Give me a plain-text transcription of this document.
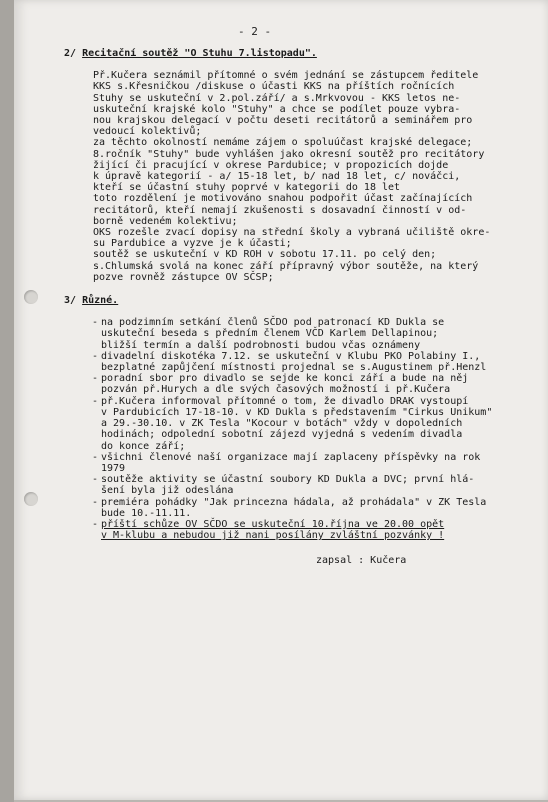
- 2 -
2/ Recitační soutěž "O Stuhu 7.listopadu".
Př.Kučera seznámil přítomné o svém jednání se zástupcem ředitele
KKS s.Křesničkou /diskuse o účasti KKS na příštích ročnících
Stuhy se uskuteční v 2.pol.září/ a s.Mrkvovou - KKS letos ne-
uskuteční krajské kolo "Stuhy" a chce se podílet pouze vybra-
nou krajskou delegací v počtu deseti recitátorů a seminářem pro
vedoucí kolektivů;
za těchto okolností nemáme zájem o spoluúčast krajské delegace;
8.ročník "Stuhy" bude vyhlášen jako okresní soutěž pro recitátory
žijící či pracující v okrese Pardubice; v propozicích dojde
k úpravě kategorií - a/ 15-18 let, b/ nad 18 let, c/ nováčci,
kteří se účastní stuhy poprvé v kategorii do 18 let
toto rozdělení je motivováno snahou podpořit účast začínajících
recitátorů, kteří nemají zkušenosti s dosavadní činností v od-
borně vedeném kolektivu;
OKS rozešle zvací dopisy na střední školy a vybraná učiliště okre-
su Pardubice a vyzve je k účasti;
soutěž se uskuteční v KD ROH v sobotu 17.11. po celý den;
s.Chlumská svolá na konec září přípravný výbor soutěže, na který
pozve rovněž zástupce OV SČSP;
3/ Různé.
- na podzimním setkání členů SČDO pod patronací KD Dukla se
uskuteční beseda s předním členem VČD Karlem Dellapinou;
bližší termín a další podrobnosti budou včas oznámeny
- divadelní diskotéka 7.12. se uskuteční v Klubu PKO Polabiny I.,
bezplatné zapůjčení místnosti projednal se s.Augustinem př.Henzl
- poradní sbor pro divadlo se sejde ke konci září a bude na něj
pozván př.Hurych a dle svých časových možností i př.Kučera
- př.Kučera informoval přítomné o tom, že divadlo DRAK vystoupí
v Pardubicích 17-18-10. v KD Dukla s představením "Cirkus Unikum"
a 29.-30.10. v ZK Tesla "Kocour v botách" vždy v dopoledních
hodinách; odpolední sobotní zájezd vyjedná s vedením divadla
do konce září;
- všichni členové naší organizace mají zaplaceny příspěvky na rok
1979
- soutěže aktivity se účastní soubory KD Dukla a DVC; první hlá-
šení byla již odeslána
- premiéra pohádky "Jak princezna hádala, až prohádala" v ZK Tesla
bude 10.-11.11.
- příští schůze OV SČDO se uskuteční 10.října ve 20.00 opět
v M-klubu a nebudou již nani posílány zvláštní pozvánky !
zapsal : Kučera
